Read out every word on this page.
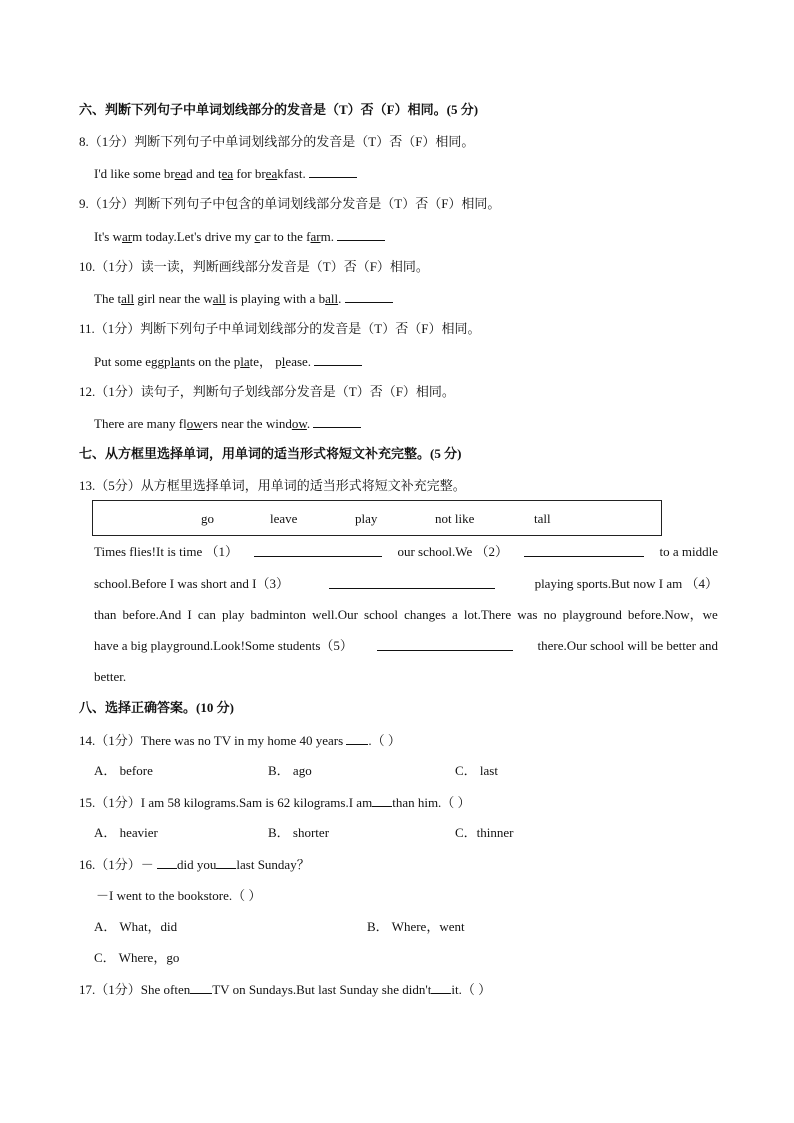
六、判断下列句子中单词划线部分的发音是（T）否（F）相同。(5 分)
8.（1分）判断下列句子中单词划线部分的发音是（T）否（F）相同。
I'd like some bread and tea for breakfast.
9.（1分）判断下列句子中包含的单词划线部分发音是（T）否（F）相同。
It's warm today.Let's drive my car to the farm.
10.（1分）读一读，判断画线部分发音是（T）否（F）相同。
The tall girl near the wall is playing with a ball.
11.（1分）判断下列句子中单词划线部分的发音是（T）否（F）相同。
Put some eggplants on the plate， please.
12.（1分）读句子，判断句子划线部分发音是（T）否（F）相同。
There are many flowers near the window.
七、从方框里选择单词，用单词的适当形式将短文补充完整。(5 分)
13.（5分）从方框里选择单词，用单词的适当形式将短文补充完整。
go	leave	play	not like	tall
Times flies!It is time （1）	our school.We （2）	to a middle
school.Before I was short and I（3）	playing sports.But now I am （4）
than before.And I can play badminton well.Our school changes a lot.There was no playground before.Now，we
have a big playground.Look!Some students（5）	there.Our school will be better and
better.
八、选择正确答案。(10 分)
14.（1分）There was no TV in my home 40 years .（ ）
A． before	B． ago	C． last
15.（1分）I am 58 kilograms.Sam is 62 kilograms.I am than him.（ ）
A． heavier	B． shorter	C．thinner
16.（1分）－ did you last Sunday？
－I went to the bookstore.（ ）
A． What，did	B． Where，went
C． Where，go
17.（1分）She often TV on Sundays.But last Sunday she didn't it.（ ）
